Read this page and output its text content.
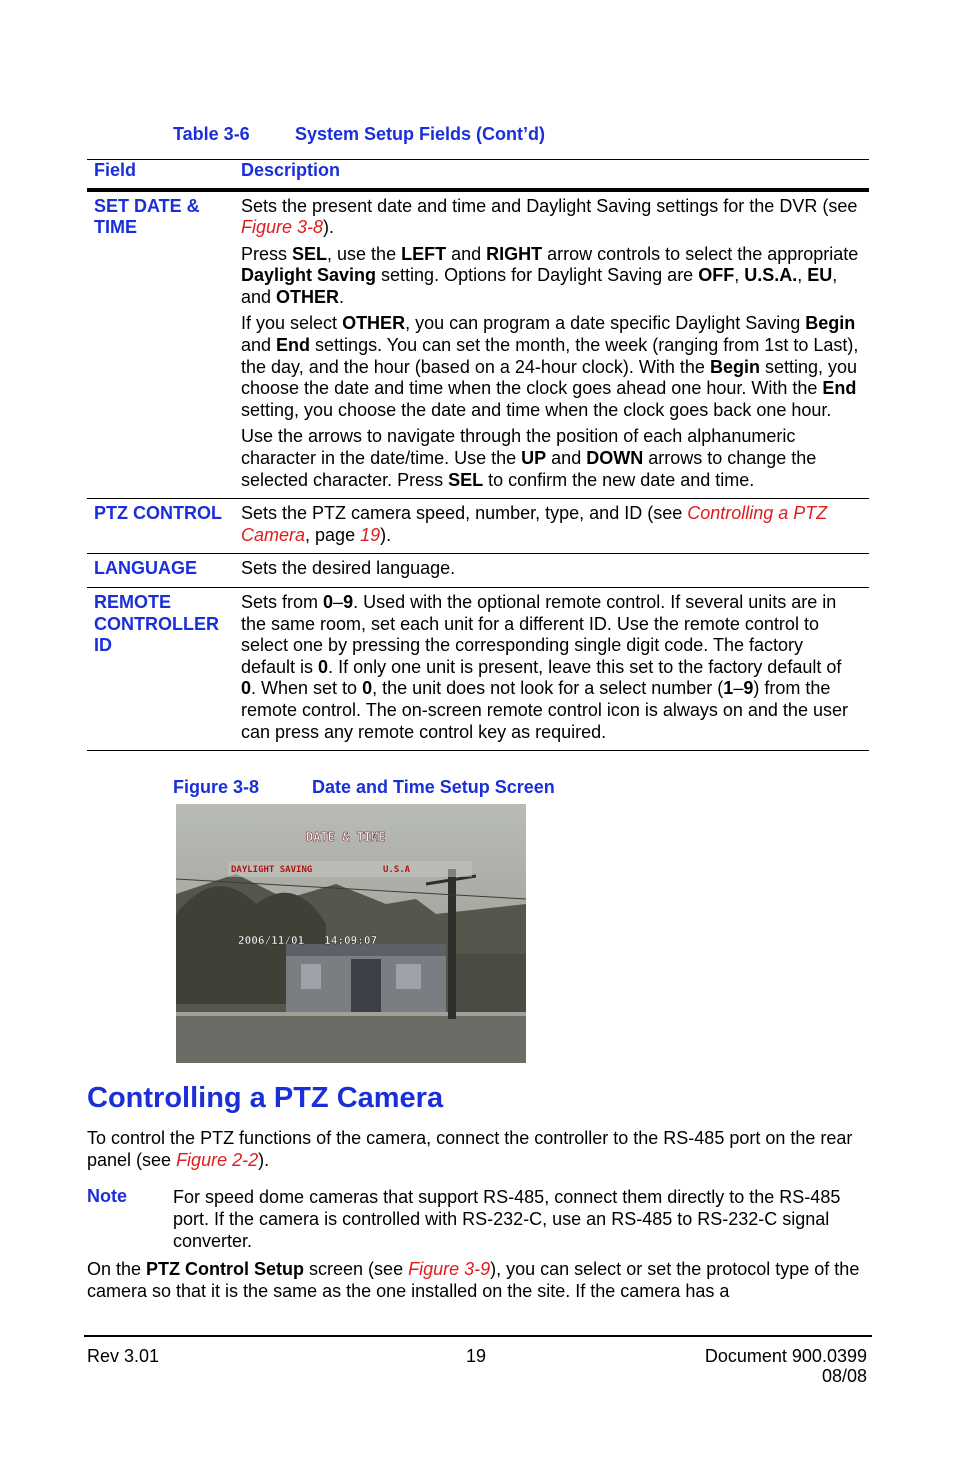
Table 3-6	System Setup Fields (Cont’d)
Field	Description
SET DATE & TIME	Sets the present date and time and Daylight Saving settings for the DVR (see Figure 3-8).

Press SEL, use the LEFT and RIGHT arrow controls to select the appropriate Daylight Saving setting. Options for Daylight Saving are OFF, U.S.A., EU, and OTHER.

If you select OTHER, you can program a date specific Daylight Saving Begin and End settings. You can set the month, the week (ranging from 1st to Last), the day, and the hour (based on a 24-hour clock). With the Begin setting, you choose the date and time when the clock goes ahead one hour. With the End setting, you choose the date and time when the clock goes back one hour.

Use the arrows to navigate through the position of each alphanumeric character in the date/time. Use the UP and DOWN arrows to change the selected character. Press SEL to confirm the new date and time.

PTZ CONTROL	Sets the PTZ camera speed, number, type, and ID (see Controlling a PTZ Camera, page 19).
LANGUAGE	Sets the desired language.
REMOTE CONTROLLER ID	Sets from 0–9. Used with the optional remote control. If several units are in the same room, set each unit for a different ID. Use the remote control to select one by pressing the corresponding single digit code. The factory default is 0. If only one unit is present, leave this set to the factory default of 0. When set to 0, the unit does not look for a select number (1–9) from the remote control. The on-screen remote control icon is always on and the user can press any remote control key as required.
Figure 3-8	Date and Time Setup Screen
DATE & TIME
DAYLIGHT SAVING	U.S.A
2006/11/01   14:09:07
Controlling a PTZ Camera

To control the PTZ functions of the camera, connect the controller to the RS-485 port on the rear panel (see Figure 2-2).

Note	For speed dome cameras that support RS-485, connect them directly to the RS-485 port. If the camera is controlled with RS-232-C, use an RS-485 to RS-232-C signal converter.

On the PTZ Control Setup screen (see Figure 3-9), you can select or set the protocol type of the camera so that it is the same as the one installed on the site. If the camera has a

Rev 3.01	19	Document 900.0399
08/08
